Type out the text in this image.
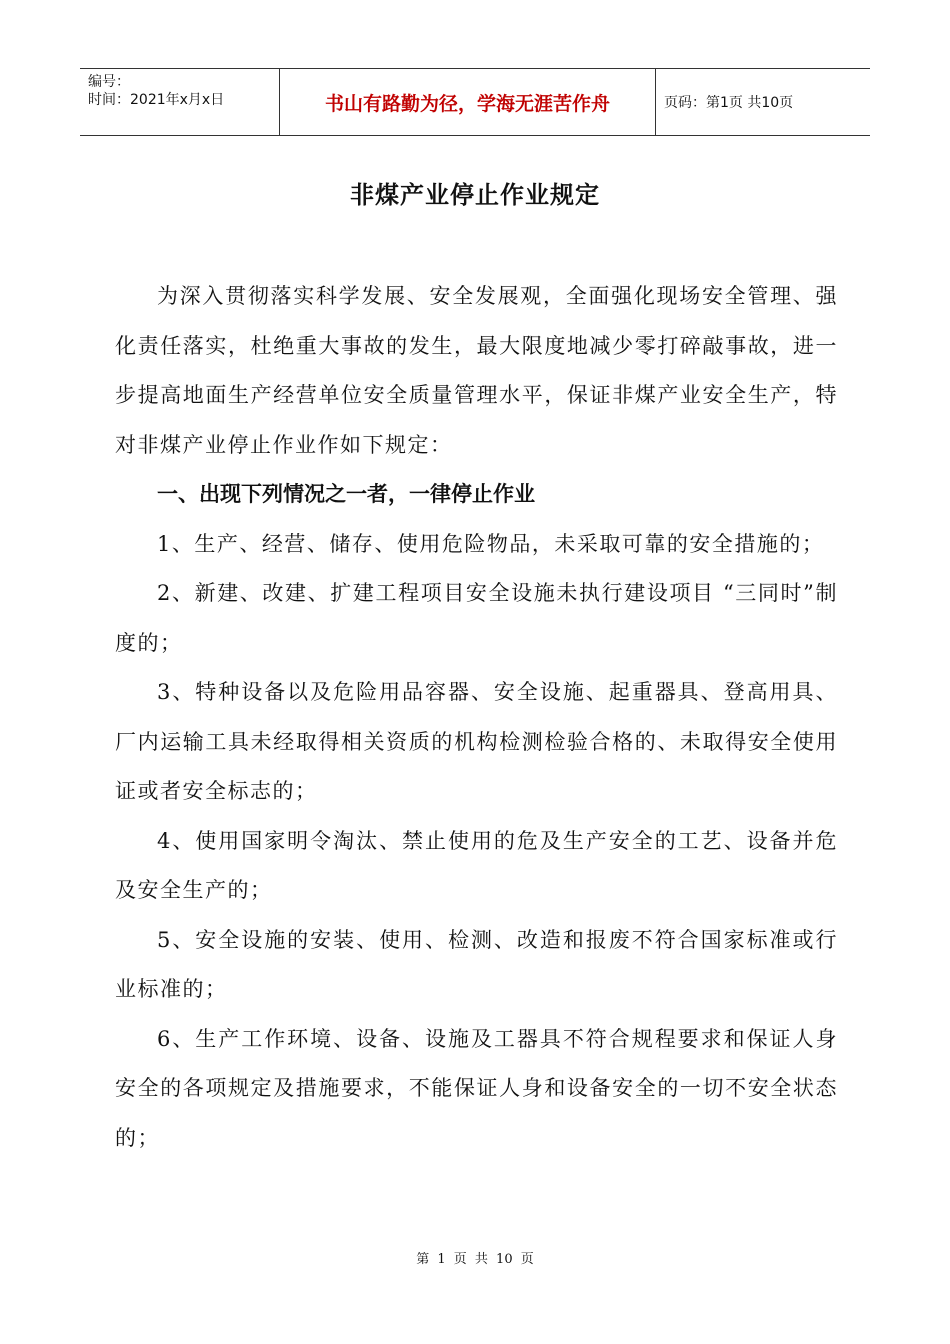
编号：
时间：2021年x月x日	书山有路勤为径，学海无涯苦作舟	页码：第1页 共10页
非煤产业停止作业规定

为深入贯彻落实科学发展、安全发展观，全面强化现场安全管理、强化责任落实，杜绝重大事故的发生，最大限度地减少零打碎敲事故，进一步提高地面生产经营单位安全质量管理水平，保证非煤产业安全生产，特对非煤产业停止作业作如下规定：

一、出现下列情况之一者，一律停止作业

1、生产、经营、储存、使用危险物品，未采取可靠的安全措施的；

2、新建、改建、扩建工程项目安全设施未执行建设项目 “三同时”制度的；

3、特种设备以及危险用品容器、安全设施、起重器具、登高用具、厂内运输工具未经取得相关资质的机构检测检验合格的、未取得安全使用证或者安全标志的；

4、使用国家明令淘汰、禁止使用的危及生产安全的工艺、设备并危及安全生产的；

5、安全设施的安装、使用、检测、改造和报废不符合国家标准或行业标准的；

6、生产工作环境、设备、设施及工器具不符合规程要求和保证人身安全的各项规定及措施要求，不能保证人身和设备安全的一切不安全状态的；

第 1 页 共 10 页
